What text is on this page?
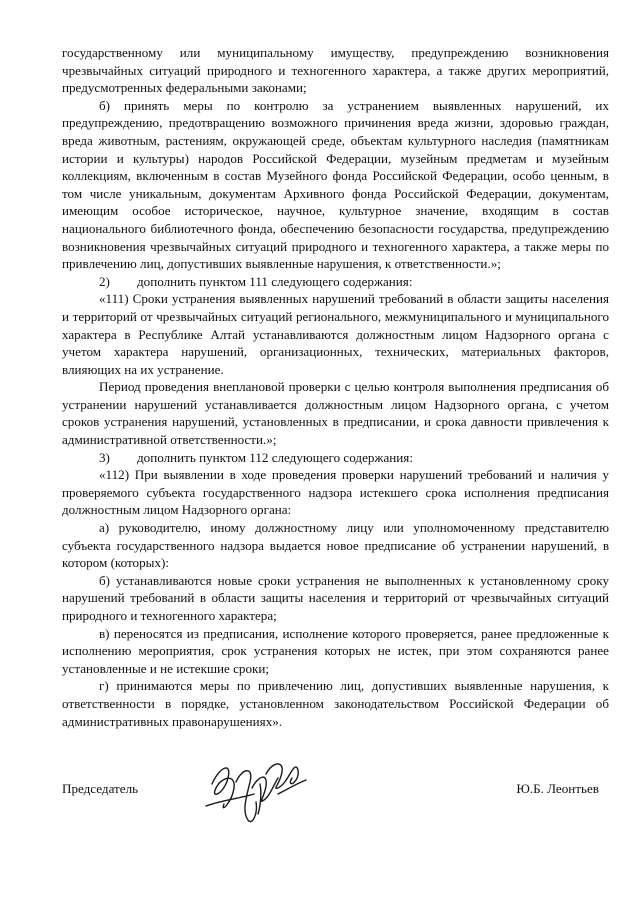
государственному или муниципальному имуществу, предупреждению возникновения чрезвычайных ситуаций природного и техногенного характера, а также других мероприятий, предусмотренных федеральными законами;

б) принять меры по контролю за устранением выявленных нарушений, их предупреждению, предотвращению возможного причинения вреда жизни, здоровью граждан, вреда животным, растениям, окружающей среде, объектам культурного наследия (памятникам истории и культуры) народов Российской Федерации, музейным предметам и музейным коллекциям, включенным в состав Музейного фонда Российской Федерации, особо ценным, в том числе уникальным, документам Архивного фонда Российской Федерации, документам, имеющим особое историческое, научное, культурное значение, входящим в состав национального библиотечного фонда, обеспечению безопасности государства, предупреждению возникновения чрезвычайных ситуаций природного и техногенного характера, а также меры по привлечению лиц, допустивших выявленные нарушения, к ответственности.»;

2) дополнить пунктом 111 следующего содержания:

«111) Сроки устранения выявленных нарушений требований в области защиты населения и территорий от чрезвычайных ситуаций регионального, межмуниципального и муниципального характера в Республике Алтай устанавливаются должностным лицом Надзорного органа с учетом характера нарушений, организационных, технических, материальных факторов, влияющих на их устранение.

Период проведения внеплановой проверки с целью контроля выполнения предписания об устранении нарушений устанавливается должностным лицом Надзорного органа, с учетом сроков устранения нарушений, установленных в предписании, и срока давности привлечения к административной ответственности.»;

3) дополнить пунктом 112 следующего содержания:

«112) При выявлении в ходе проведения проверки нарушений требований и наличия у проверяемого субъекта государственного надзора истекшего срока исполнения предписания должностным лицом Надзорного органа:

а) руководителю, иному должностному лицу или уполномоченному представителю субъекта государственного надзора выдается новое предписание об устранении нарушений, в котором (которых):

б) устанавливаются новые сроки устранения не выполненных к установленному сроку нарушений требований в области защиты населения и территорий от чрезвычайных ситуаций природного и техногенного характера;

в) переносятся из предписания, исполнение которого проверяется, ранее предложенные к исполнению мероприятия, срок устранения которых не истек, при этом сохраняются ранее установленные и не истекшие сроки;

г) принимаются меры по привлечению лиц, допустивших выявленные нарушения, к ответственности в порядке, установленном законодательством Российской Федерации об административных правонарушениях».

Председатель	Ю.Б. Леонтьев
